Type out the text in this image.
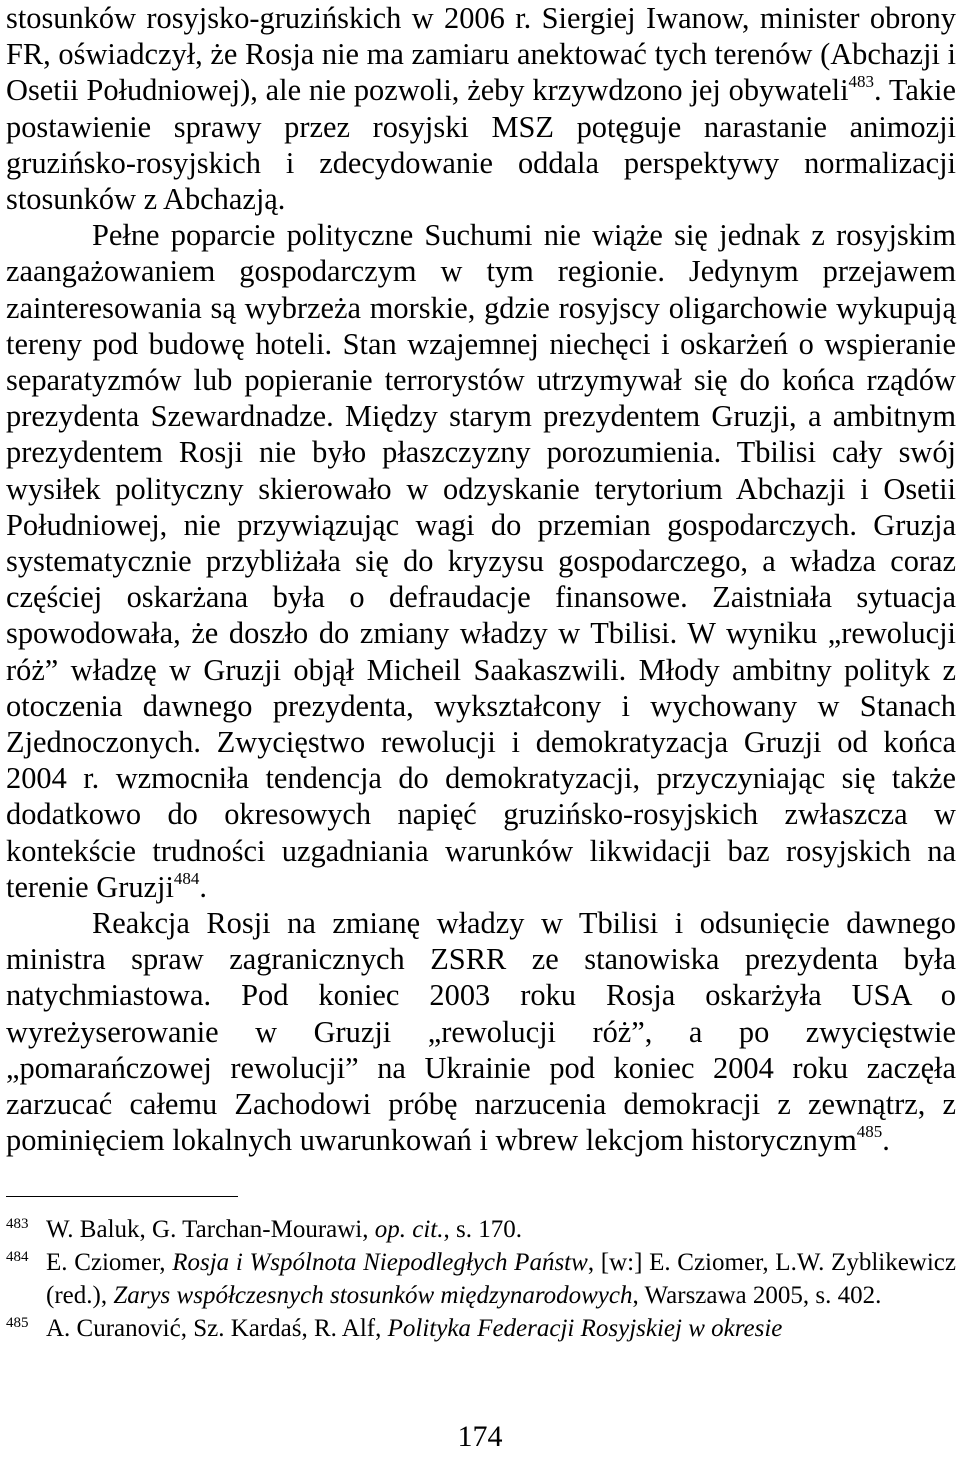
stosunków rosyjsko-gruzińskich w 2006 r. Siergiej Iwanow, minister obrony FR, oświadczył, że Rosja nie ma zamiaru anektować tych terenów (Abchazji i Osetii Południowej), ale nie pozwoli, żeby krzywdzono jej obywateli$^{483}$. Takie postawienie sprawy przez rosyjski MSZ potęguje narastanie animozji gruzińsko-rosyjskich i zdecydowanie oddala perspektywy normalizacji stosunków z Abchazją.

Pełne poparcie polityczne Suchumi nie wiąże się jednak z rosyjskim zaangażowaniem gospodarczym w tym regionie. Jedynym przejawem zainteresowania są wybrzeża morskie, gdzie rosyjscy oligarchowie wykupują tereny pod budowę hoteli. Stan wzajemnej niechęci i oskarżeń o wspieranie separatyzmów lub popieranie terrorystów utrzymywał się do końca rządów prezydenta Szewardnadze. Między starym prezydentem Gruzji, a ambitnym prezydentem Rosji nie było płaszczyzny porozumienia. Tbilisi cały swój wysiłek polityczny skierowało w odzyskanie terytorium Abchazji i Osetii Południowej, nie przywiązując wagi do przemian gospodarczych. Gruzja systematycznie przybliżała się do kryzysu gospodarczego, a władza coraz częściej oskarżana była o defraudacje finansowe. Zaistniała sytuacja spowodowała, że doszło do zmiany władzy w Tbilisi. W wyniku „rewolucji róż” władzę w Gruzji objął Micheil Saakaszwili. Młody ambitny polityk z otoczenia dawnego prezydenta, wykształcony i wychowany w Stanach Zjednoczonych. Zwycięstwo rewolucji i demokratyzacja Gruzji od końca 2004 r. wzmocniła tendencja do demokratyzacji, przyczyniając się także dodatkowo do okresowych napięć gruzińsko-rosyjskich zwłaszcza w kontekście trudności uzgadniania warunków likwidacji baz rosyjskich na terenie Gruzji$^{484}$.

Reakcja Rosji na zmianę władzy w Tbilisi i odsunięcie dawnego ministra spraw zagranicznych ZSRR ze stanowiska prezydenta była natychmiastowa. Pod koniec 2003 roku Rosja oskarżyła USA o wyreżyserowanie w Gruzji „rewolucji róż”, a po zwycięstwie „pomarańczowej rewolucji” na Ukrainie pod koniec 2004 roku zaczęła zarzucać całemu Zachodowi próbę narzucenia demokracji z zewnątrz, z pominięciem lokalnych uwarunkowań i wbrew lekcjom historycznym$^{485}$.

483 W. Baluk, G. Tarchan-Mourawi, op. cit., s. 170.
484 E. Cziomer, Rosja i Wspólnota Niepodległych Państw, [w:] E. Cziomer, L.W. Zyblikewicz (red.), Zarys współczesnych stosunków międzynarodowych, Warszawa 2005, s. 402.
485 A. Curanović, Sz. Kardaś, R. Alf, Polityka Federacji Rosyjskiej w okresie
174
